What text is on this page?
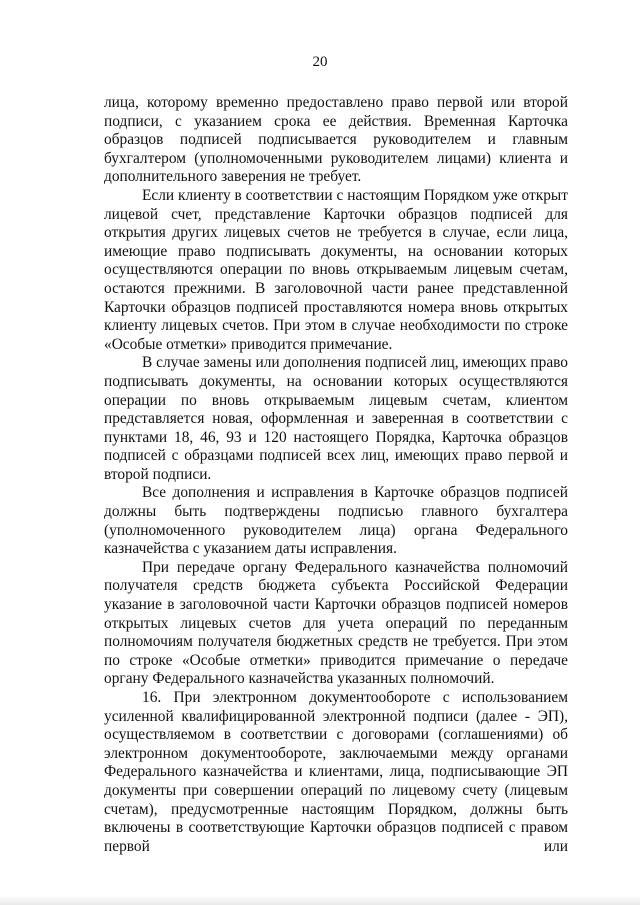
20

лица, которому временно предоставлено право первой или второй подписи, с указанием срока ее действия. Временная Карточка образцов подписей подписывается руководителем и главным бухгалтером (уполномоченными руководителем лицами) клиента и дополнительного заверения не требует.

Если клиенту в соответствии с настоящим Порядком уже открыт лицевой счет, представление Карточки образцов подписей для открытия других лицевых счетов не требуется в случае, если лица, имеющие право подписывать документы, на основании которых осуществляются операции по вновь открываемым лицевым счетам, остаются прежними. В заголовочной части ранее представленной Карточки образцов подписей проставляются номера вновь открытых клиенту лицевых счетов. При этом в случае необходимости по строке «Особые отметки» приводится примечание.

В случае замены или дополнения подписей лиц, имеющих право подписывать документы, на основании которых осуществляются операции по вновь открываемым лицевым счетам, клиентом представляется новая, оформленная и заверенная в соответствии с пунктами 18, 46, 93 и 120 настоящего Порядка, Карточка образцов подписей с образцами подписей всех лиц, имеющих право первой и второй подписи.

Все дополнения и исправления в Карточке образцов подписей должны быть подтверждены подписью главного бухгалтера (уполномоченного руководителем лица) органа Федерального казначейства с указанием даты исправления.

При передаче органу Федерального казначейства полномочий получателя средств бюджета субъекта Российской Федерации указание в заголовочной части Карточки образцов подписей номеров открытых лицевых счетов для учета операций по переданным полномочиям получателя бюджетных средств не требуется. При этом по строке «Особые отметки» приводится примечание о передаче органу Федерального казначейства указанных полномочий.

16. При электронном документообороте с использованием усиленной квалифицированной электронной подписи (далее - ЭП), осуществляемом в соответствии с договорами (соглашениями) об электронном документообороте, заключаемыми между органами Федерального казначейства и клиентами, лица, подписывающие ЭП документы при совершении операций по лицевому счету (лицевым счетам), предусмотренные настоящим Порядком, должны быть включены в соответствующие Карточки образцов подписей с правом первой или
